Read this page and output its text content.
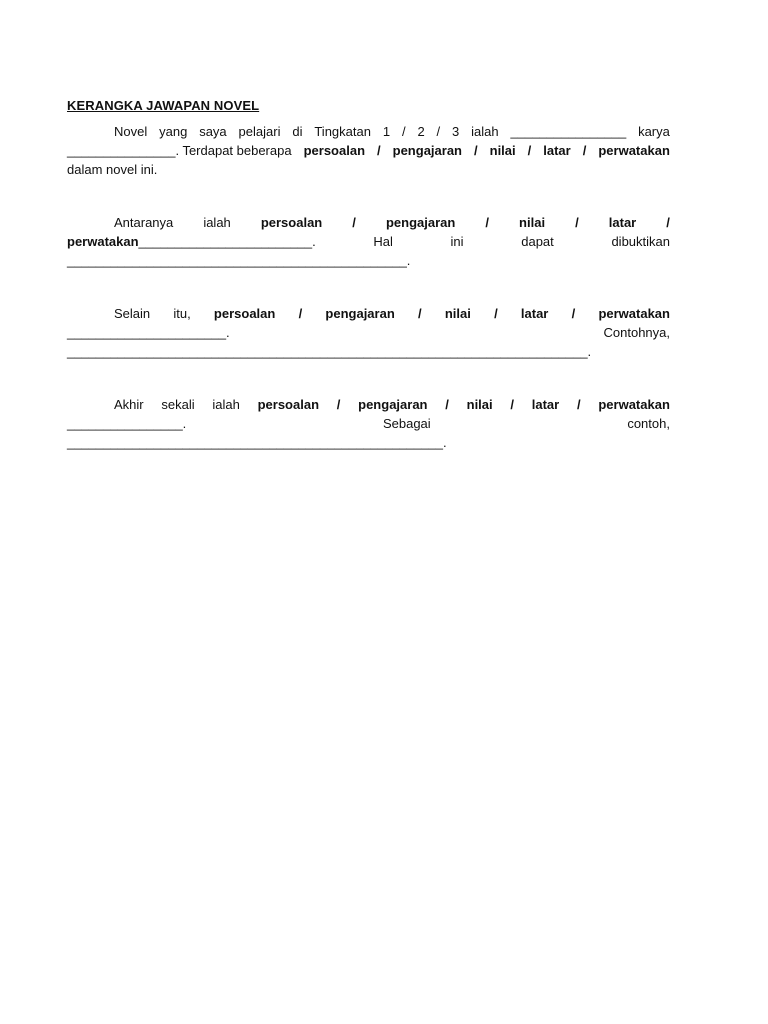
KERANGKA JAWAPAN NOVEL
Novel yang saya pelajari di Tingkatan 1 / 2 / 3 ialah ________________ karya
_______________. Terdapat beberapa persoalan / pengajaran / nilai / latar / perwatakan
dalam novel ini.
Antaranya ialah persoalan / pengajaran / nilai / latar /
perwatakan________________________.	Hal	ini	dapat	dibuktikan
_______________________________________________.
Selain itu, persoalan / pengajaran / nilai / latar / perwatakan
______________________.	Contohnya,
________________________________________________________________________.
Akhir sekali ialah persoalan / pengajaran / nilai / latar / perwatakan
________________.	Sebagai	contoh,
____________________________________________________.
